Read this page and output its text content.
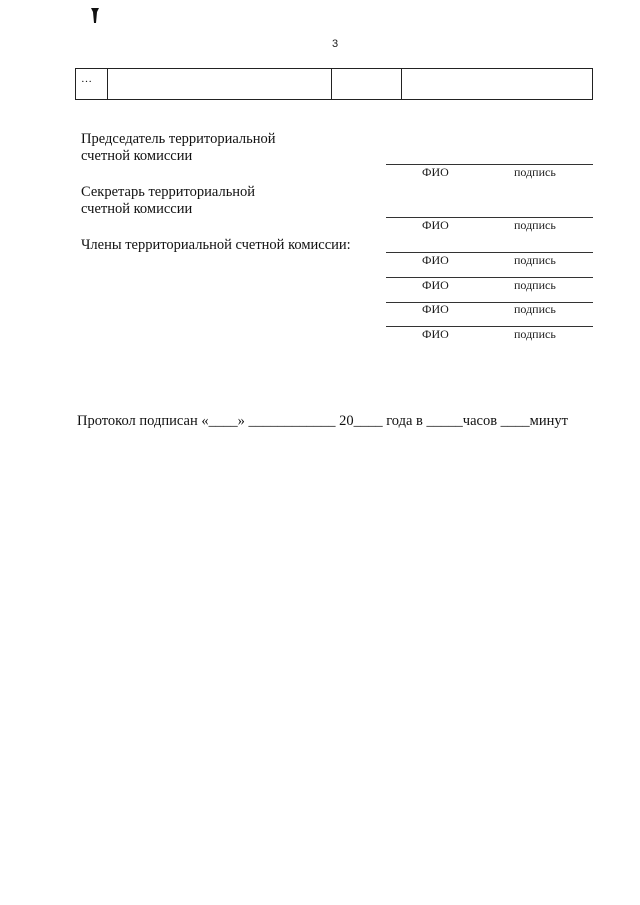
3
…
Председатель территориальной
счетной комиссии
ФИО	подпись
Секретарь территориальной
счетной комиссии
ФИО	подпись
Члены территориальной счетной комиссии:
ФИО	подпись
ФИО	подпись
ФИО	подпись
ФИО	подпись
Протокол подписан «____» ____________ 20____ года в _____часов ____минут
